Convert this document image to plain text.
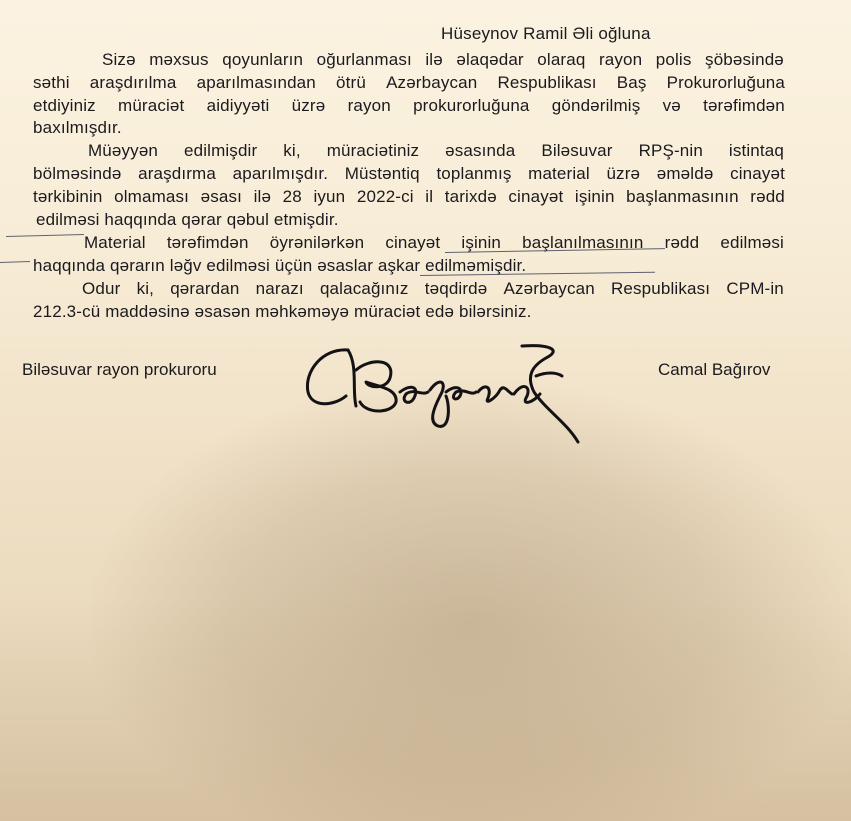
Hüseynov Ramil Əli oğluna
Sizə məxsus qoyunların oğurlanması ilə əlaqədar olaraq rayon polis şöbəsində
səthi araşdırılma aparılmasından ötrü Azərbaycan Respublikası Baş Prokurorluğuna
etdiyiniz müraciət aidiyyəti üzrə rayon prokurorluğuna göndərilmiş və tərəfimdən
baxılmışdır.
Müəyyən edilmişdir ki, müraciətiniz əsasında Biləsuvar RPŞ-nin istintaq
bölməsində araşdırma aparılmışdır. Müstəntiq toplanmış material üzrə əməldə cinayət
tərkibinin olmaması əsası ilə 28 iyun 2022-ci il tarixdə cinayət işinin başlanmasının rədd
edilməsi haqqında qərar qəbul etmişdir.
Material tərəfimdən öyrənilərkən cinayət işinin başlanılmasının rədd edilməsi
haqqında qərarın ləğv edilməsi üçün əsaslar aşkar edilməmişdir.
Odur ki, qərardan narazı qalacağınız təqdirdə Azərbaycan Respublikası CPM-in
212.3-cü maddəsinə əsasən məhkəməyə müraciət edə bilərsiniz.
Biləsuvar rayon prokuroru	Camal Bağırov
